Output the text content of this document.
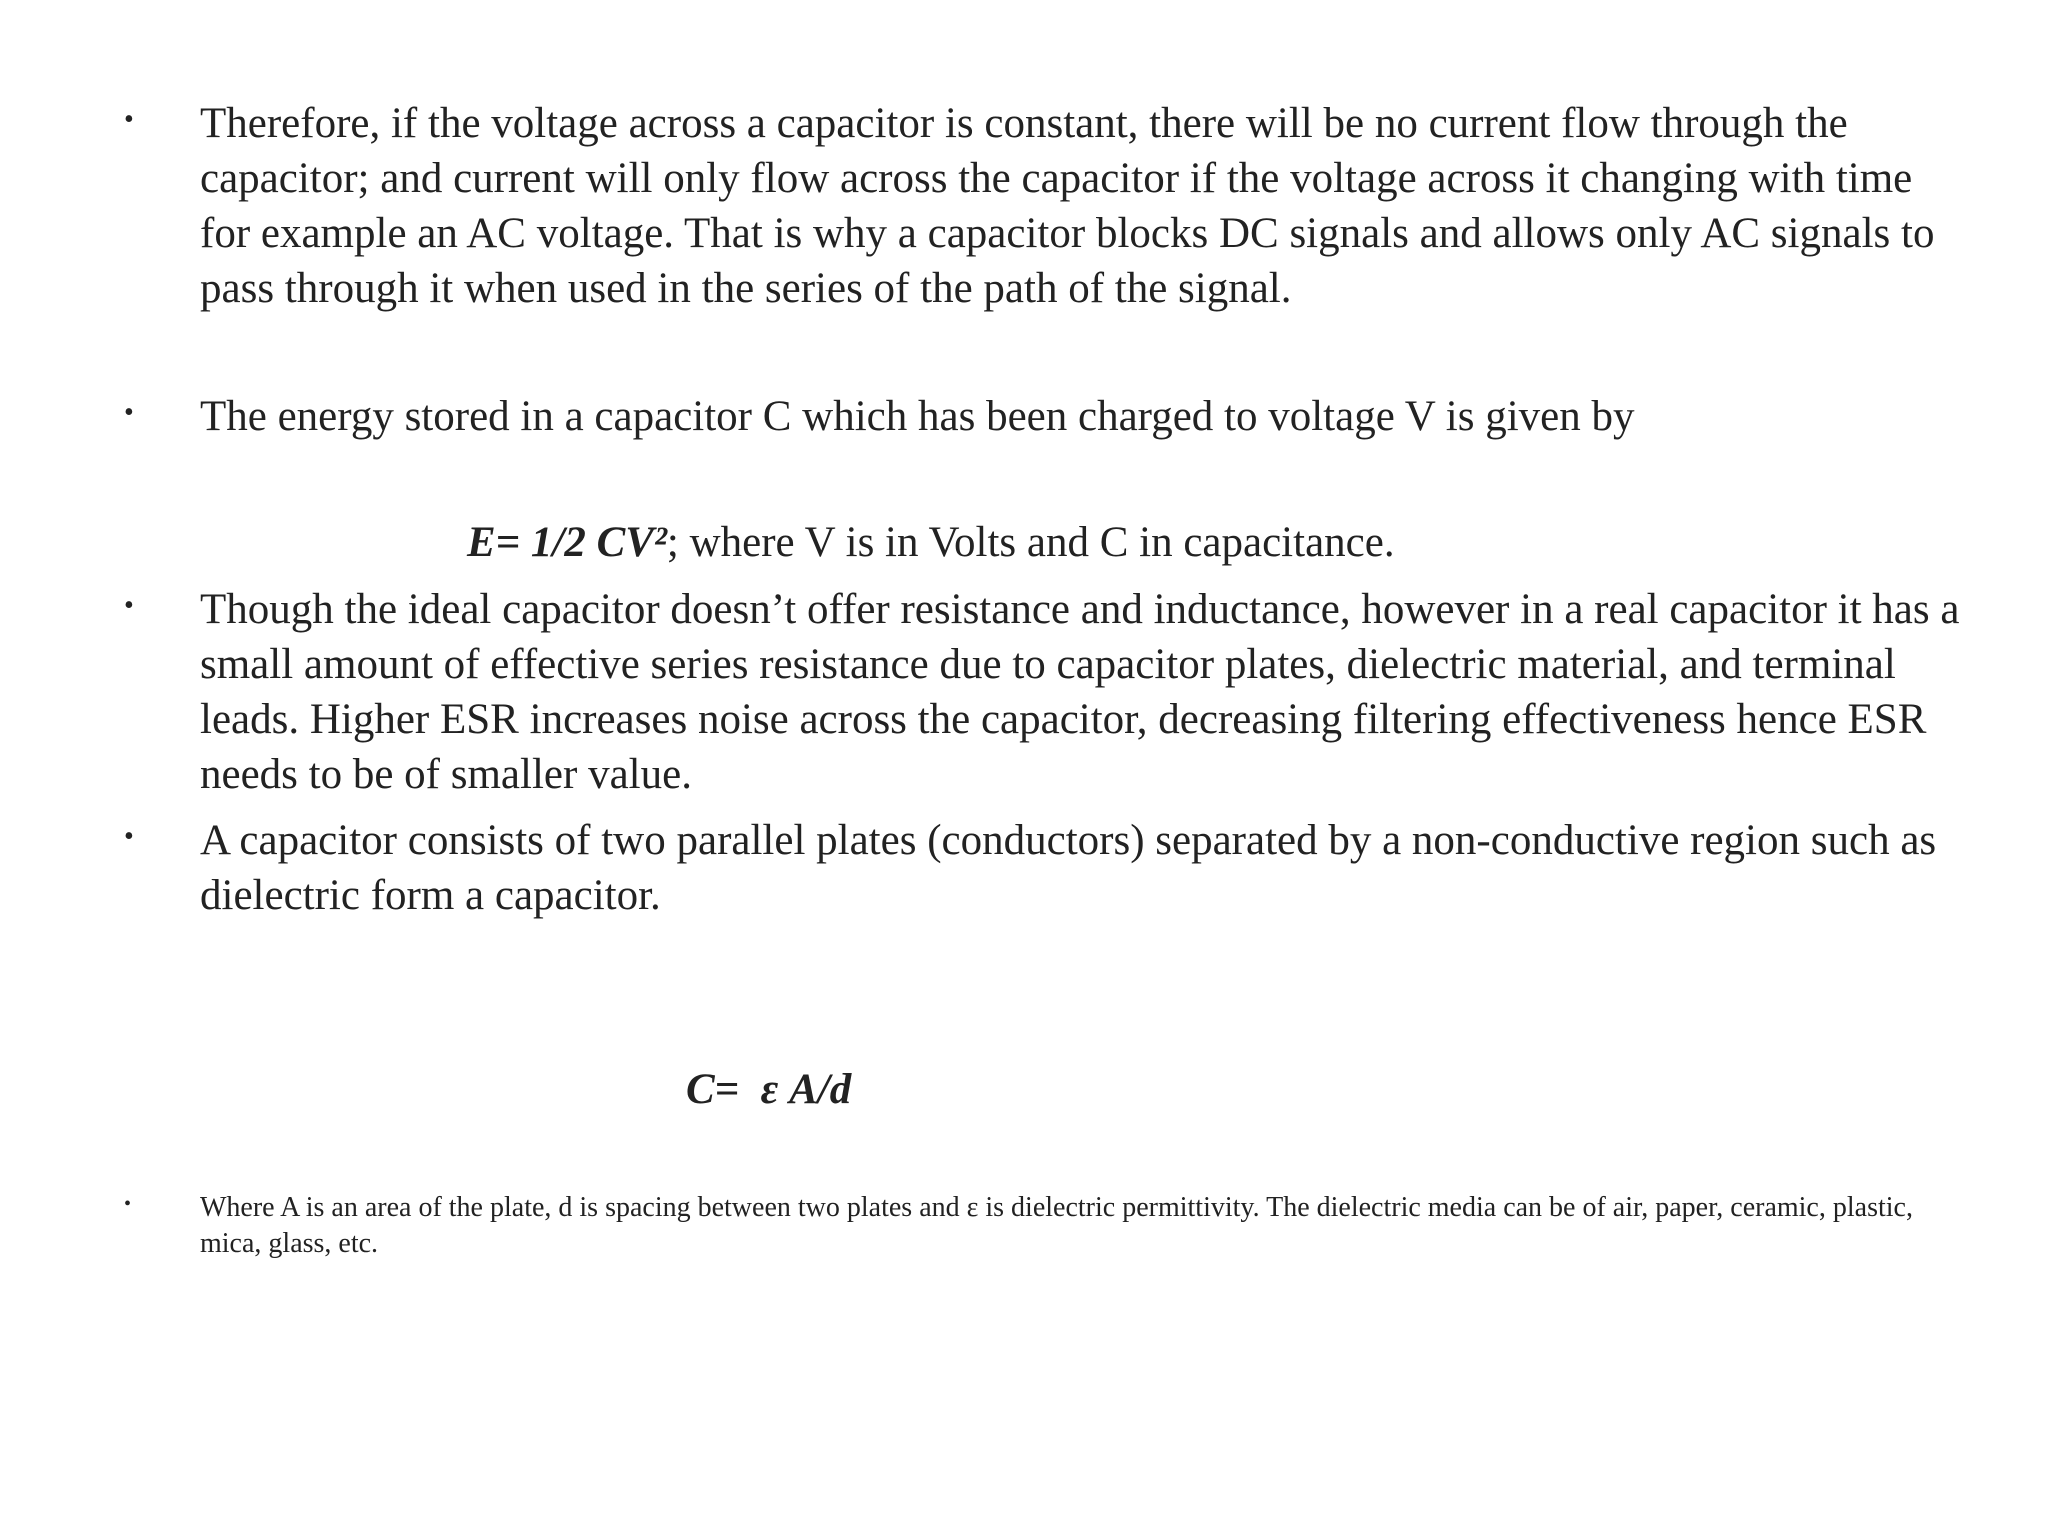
• Therefore, if the voltage across a capacitor is constant, there will be no current flow through the capacitor; and current will only flow across the capacitor if the voltage across it changing with time for example an AC voltage. That is why a capacitor blocks DC signals and allows only AC signals to pass through it when used in the series of the path of the signal.

• The energy stored in a capacitor C which has been charged to voltage V is given by

E= 1/2 CV²; where V is in Volts and C in capacitance.
• Though the ideal capacitor doesn’t offer resistance and inductance, however in a real capacitor it has a small amount of effective series resistance due to capacitor plates, dielectric material, and terminal leads. Higher ESR increases noise across the capacitor, decreasing filtering effectiveness hence ESR needs to be of smaller value.

• A capacitor consists of two parallel plates (conductors) separated by a non-conductive region such as dielectric form a capacitor.

C=  ε A/d
• Where A is an area of the plate, d is spacing between two plates and ε is dielectric permittivity. The dielectric media can be of air, paper, ceramic, plastic, mica, glass, etc.
